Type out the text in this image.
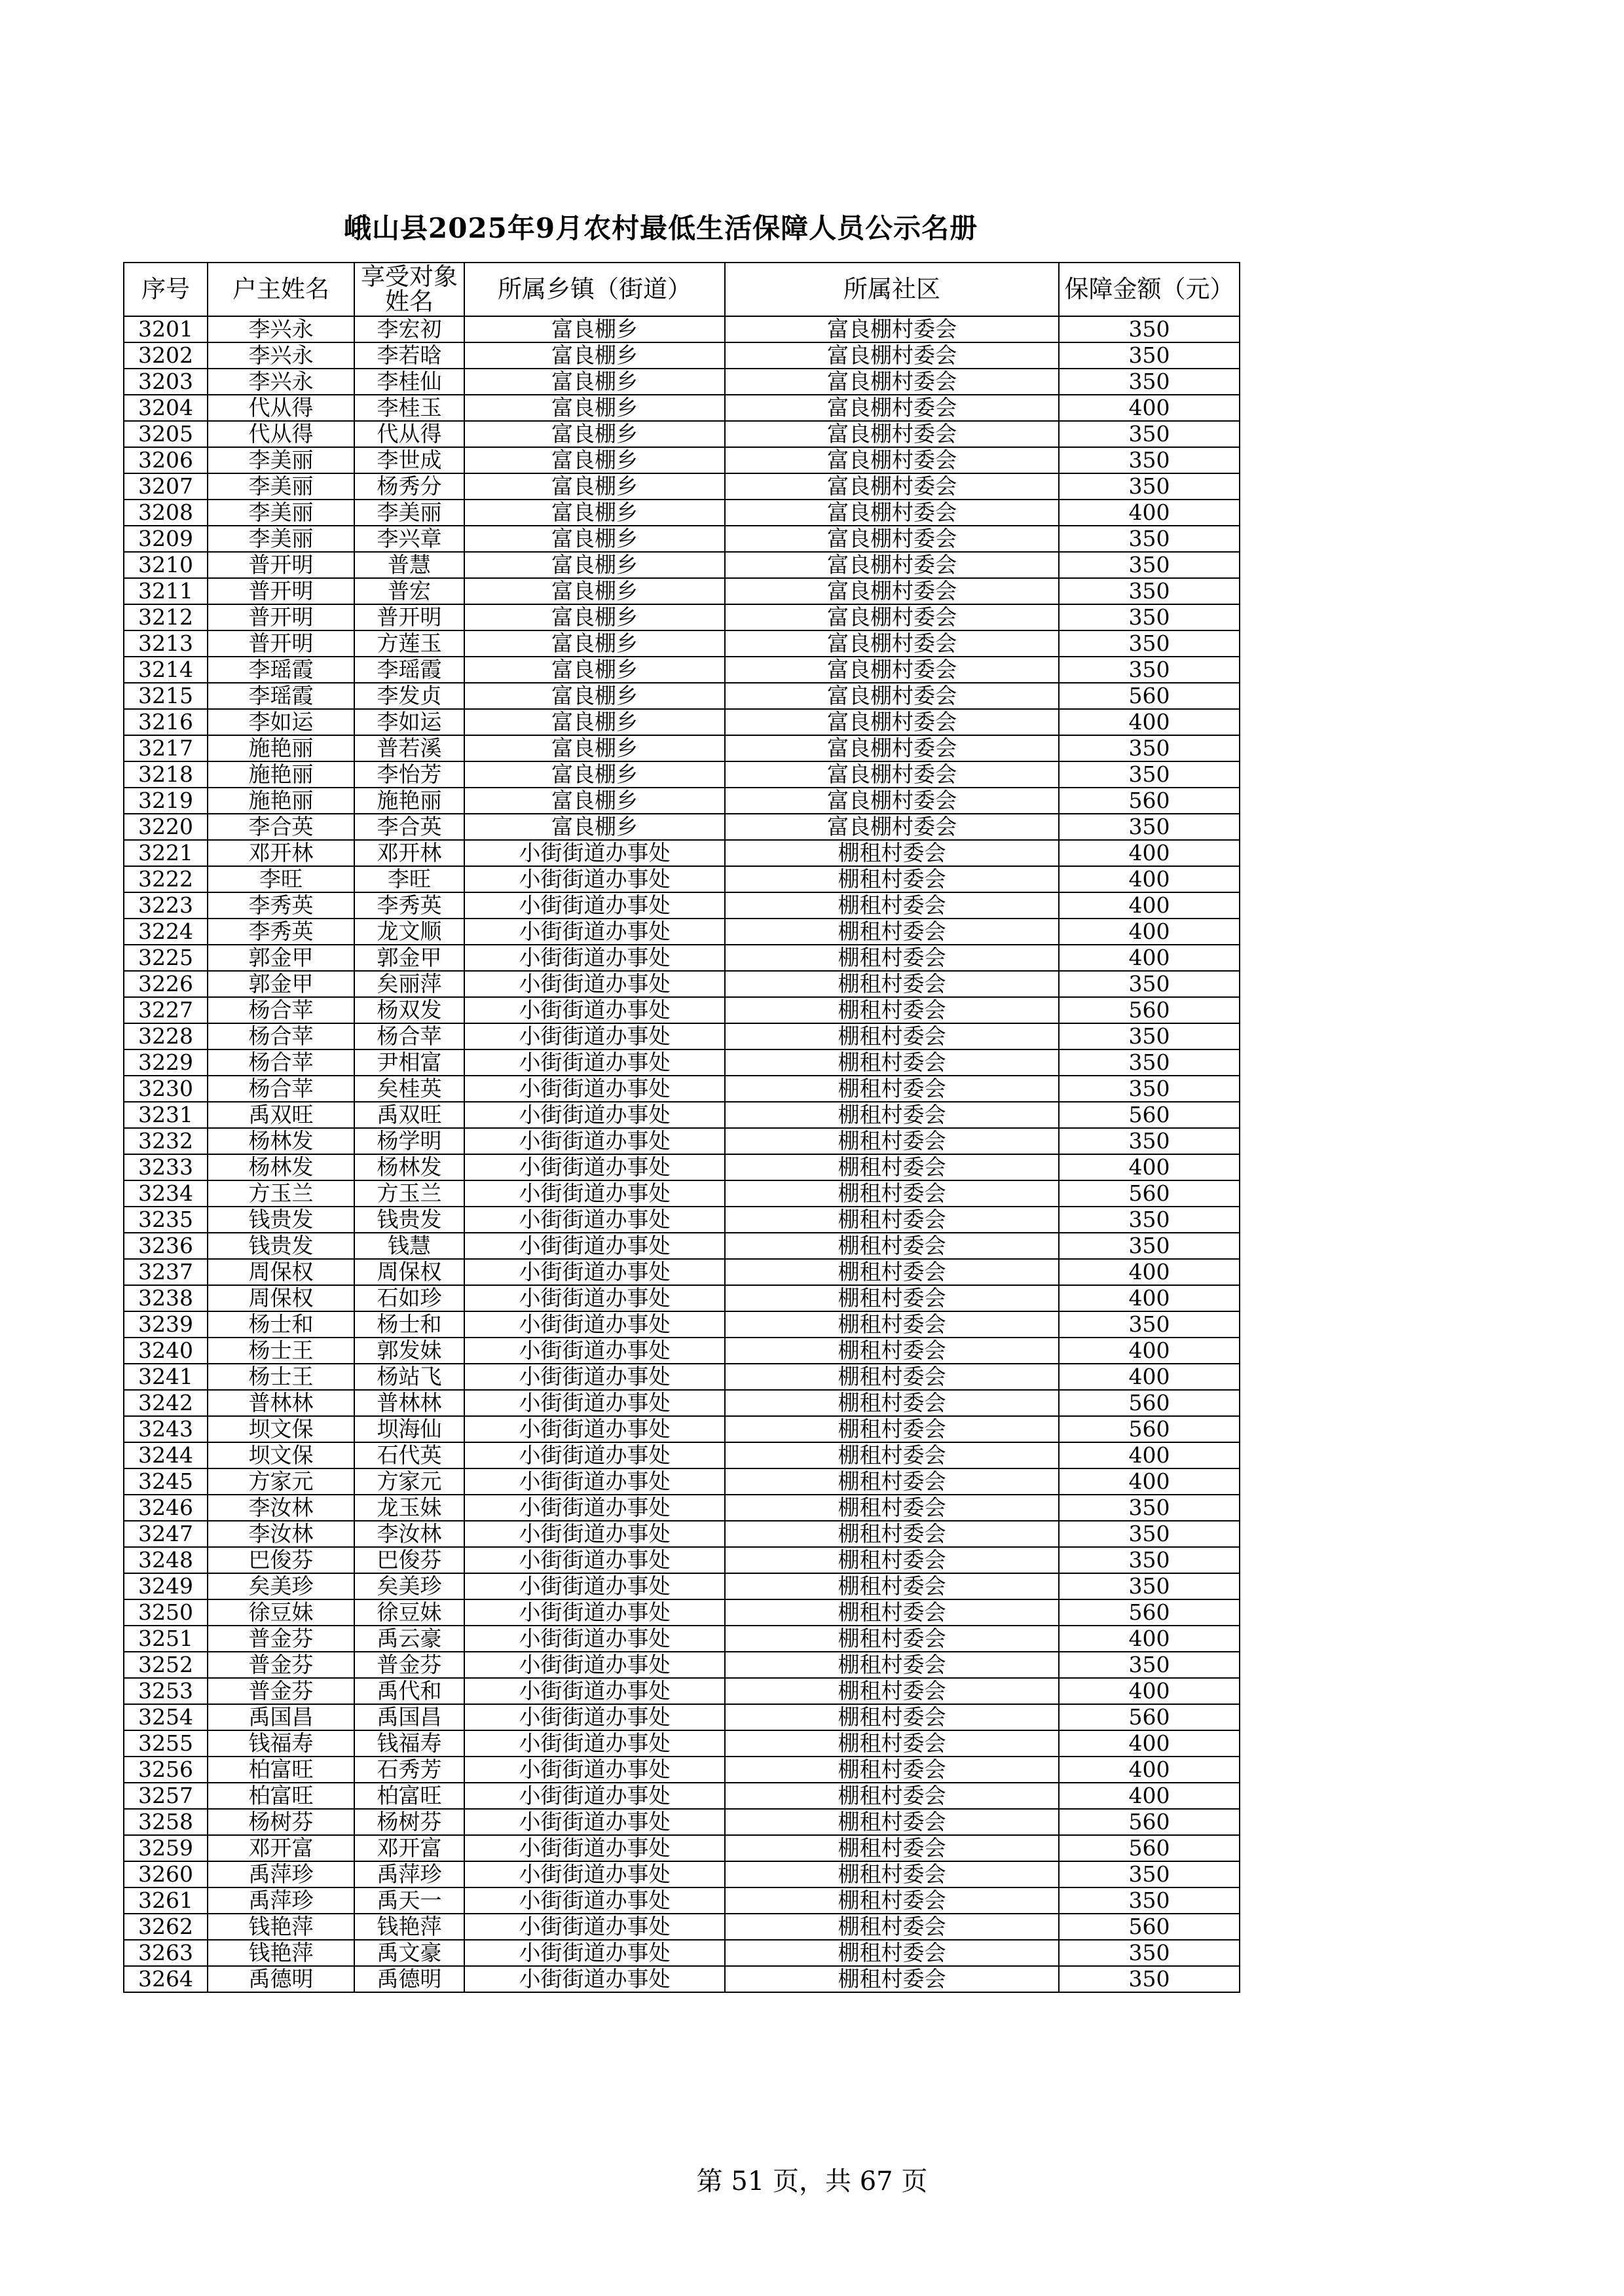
峨山县2025年9月农村最低生活保障人员公示名册
序号	户主姓名	享受对象姓名	所属乡镇（街道）	所属社区	保障金额（元）
3201	李兴永	李宏初	富良棚乡	富良棚村委会	350
3202	李兴永	李若晗	富良棚乡	富良棚村委会	350
3203	李兴永	李桂仙	富良棚乡	富良棚村委会	350
3204	代从得	李桂玉	富良棚乡	富良棚村委会	400
3205	代从得	代从得	富良棚乡	富良棚村委会	350
3206	李美丽	李世成	富良棚乡	富良棚村委会	350
3207	李美丽	杨秀分	富良棚乡	富良棚村委会	350
3208	李美丽	李美丽	富良棚乡	富良棚村委会	400
3209	李美丽	李兴章	富良棚乡	富良棚村委会	350
3210	普开明	普慧	富良棚乡	富良棚村委会	350
3211	普开明	普宏	富良棚乡	富良棚村委会	350
3212	普开明	普开明	富良棚乡	富良棚村委会	350
3213	普开明	方莲玉	富良棚乡	富良棚村委会	350
3214	李瑶霞	李瑶霞	富良棚乡	富良棚村委会	350
3215	李瑶霞	李发贞	富良棚乡	富良棚村委会	560
3216	李如运	李如运	富良棚乡	富良棚村委会	400
3217	施艳丽	普若溪	富良棚乡	富良棚村委会	350
3218	施艳丽	李怡芳	富良棚乡	富良棚村委会	350
3219	施艳丽	施艳丽	富良棚乡	富良棚村委会	560
3220	李合英	李合英	富良棚乡	富良棚村委会	350
3221	邓开林	邓开林	小街街道办事处	棚租村委会	400
3222	李旺	李旺	小街街道办事处	棚租村委会	400
3223	李秀英	李秀英	小街街道办事处	棚租村委会	400
3224	李秀英	龙文顺	小街街道办事处	棚租村委会	400
3225	郭金甲	郭金甲	小街街道办事处	棚租村委会	400
3226	郭金甲	矣丽萍	小街街道办事处	棚租村委会	350
3227	杨合苹	杨双发	小街街道办事处	棚租村委会	560
3228	杨合苹	杨合苹	小街街道办事处	棚租村委会	350
3229	杨合苹	尹相富	小街街道办事处	棚租村委会	350
3230	杨合苹	矣桂英	小街街道办事处	棚租村委会	350
3231	禹双旺	禹双旺	小街街道办事处	棚租村委会	560
3232	杨林发	杨学明	小街街道办事处	棚租村委会	350
3233	杨林发	杨林发	小街街道办事处	棚租村委会	400
3234	方玉兰	方玉兰	小街街道办事处	棚租村委会	560
3235	钱贵发	钱贵发	小街街道办事处	棚租村委会	350
3236	钱贵发	钱慧	小街街道办事处	棚租村委会	350
3237	周保权	周保权	小街街道办事处	棚租村委会	400
3238	周保权	石如珍	小街街道办事处	棚租村委会	400
3239	杨士和	杨士和	小街街道办事处	棚租村委会	350
3240	杨士王	郭发妹	小街街道办事处	棚租村委会	400
3241	杨士王	杨站飞	小街街道办事处	棚租村委会	400
3242	普林林	普林林	小街街道办事处	棚租村委会	560
3243	坝文保	坝海仙	小街街道办事处	棚租村委会	560
3244	坝文保	石代英	小街街道办事处	棚租村委会	400
3245	方家元	方家元	小街街道办事处	棚租村委会	400
3246	李汝林	龙玉妹	小街街道办事处	棚租村委会	350
3247	李汝林	李汝林	小街街道办事处	棚租村委会	350
3248	巴俊芬	巴俊芬	小街街道办事处	棚租村委会	350
3249	矣美珍	矣美珍	小街街道办事处	棚租村委会	350
3250	徐豆妹	徐豆妹	小街街道办事处	棚租村委会	560
3251	普金芬	禹云豪	小街街道办事处	棚租村委会	400
3252	普金芬	普金芬	小街街道办事处	棚租村委会	350
3253	普金芬	禹代和	小街街道办事处	棚租村委会	400
3254	禹国昌	禹国昌	小街街道办事处	棚租村委会	560
3255	钱福寿	钱福寿	小街街道办事处	棚租村委会	400
3256	柏富旺	石秀芳	小街街道办事处	棚租村委会	400
3257	柏富旺	柏富旺	小街街道办事处	棚租村委会	400
3258	杨树芬	杨树芬	小街街道办事处	棚租村委会	560
3259	邓开富	邓开富	小街街道办事处	棚租村委会	560
3260	禹萍珍	禹萍珍	小街街道办事处	棚租村委会	350
3261	禹萍珍	禹天一	小街街道办事处	棚租村委会	350
3262	钱艳萍	钱艳萍	小街街道办事处	棚租村委会	560
3263	钱艳萍	禹文豪	小街街道办事处	棚租村委会	350
3264	禹德明	禹德明	小街街道办事处	棚租村委会	350
第 51 页，共 67 页
